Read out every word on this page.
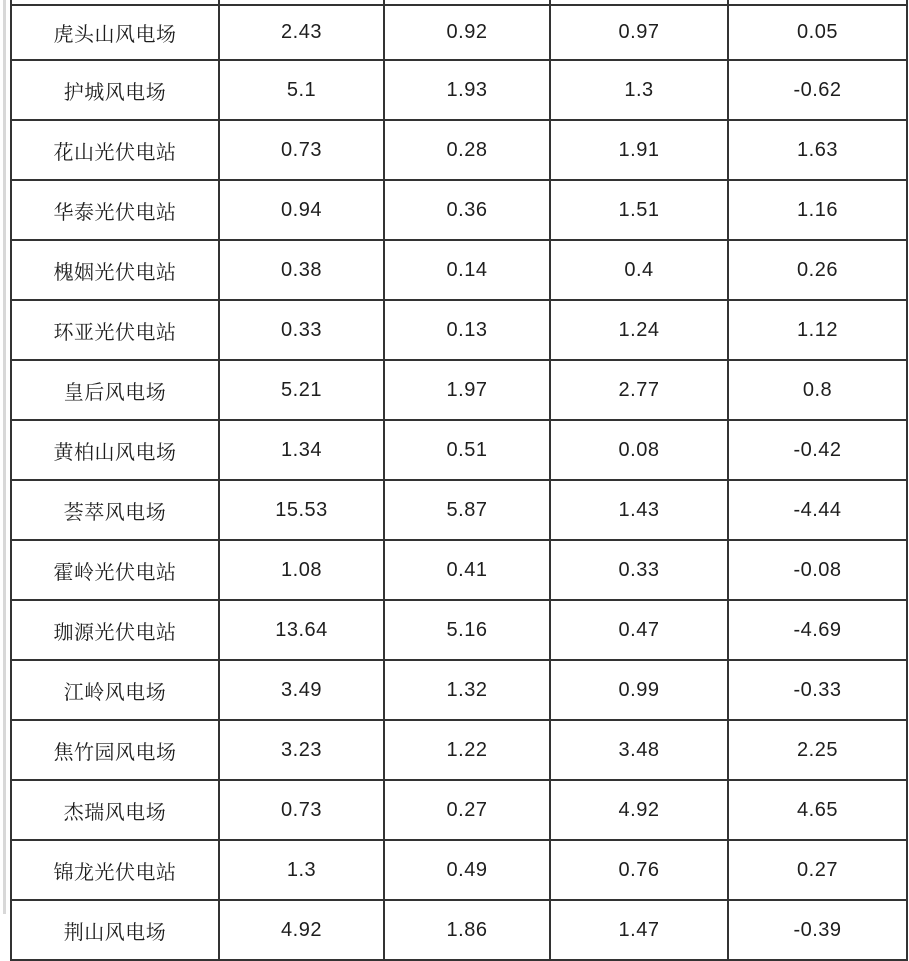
虎头山风电场	2.43	0.92	0.97	0.05
护城风电场	5.1	1.93	1.3	-0.62
花山光伏电站	0.73	0.28	1.91	1.63
华泰光伏电站	0.94	0.36	1.51	1.16
槐姻光伏电站	0.38	0.14	0.4	0.26
环亚光伏电站	0.33	0.13	1.24	1.12
皇后风电场	5.21	1.97	2.77	0.8
黄柏山风电场	1.34	0.51	0.08	-0.42
荟萃风电场	15.53	5.87	1.43	-4.44
霍岭光伏电站	1.08	0.41	0.33	-0.08
珈源光伏电站	13.64	5.16	0.47	-4.69
江岭风电场	3.49	1.32	0.99	-0.33
焦竹园风电场	3.23	1.22	3.48	2.25
杰瑞风电场	0.73	0.27	4.92	4.65
锦龙光伏电站	1.3	0.49	0.76	0.27
荆山风电场	4.92	1.86	1.47	-0.39
